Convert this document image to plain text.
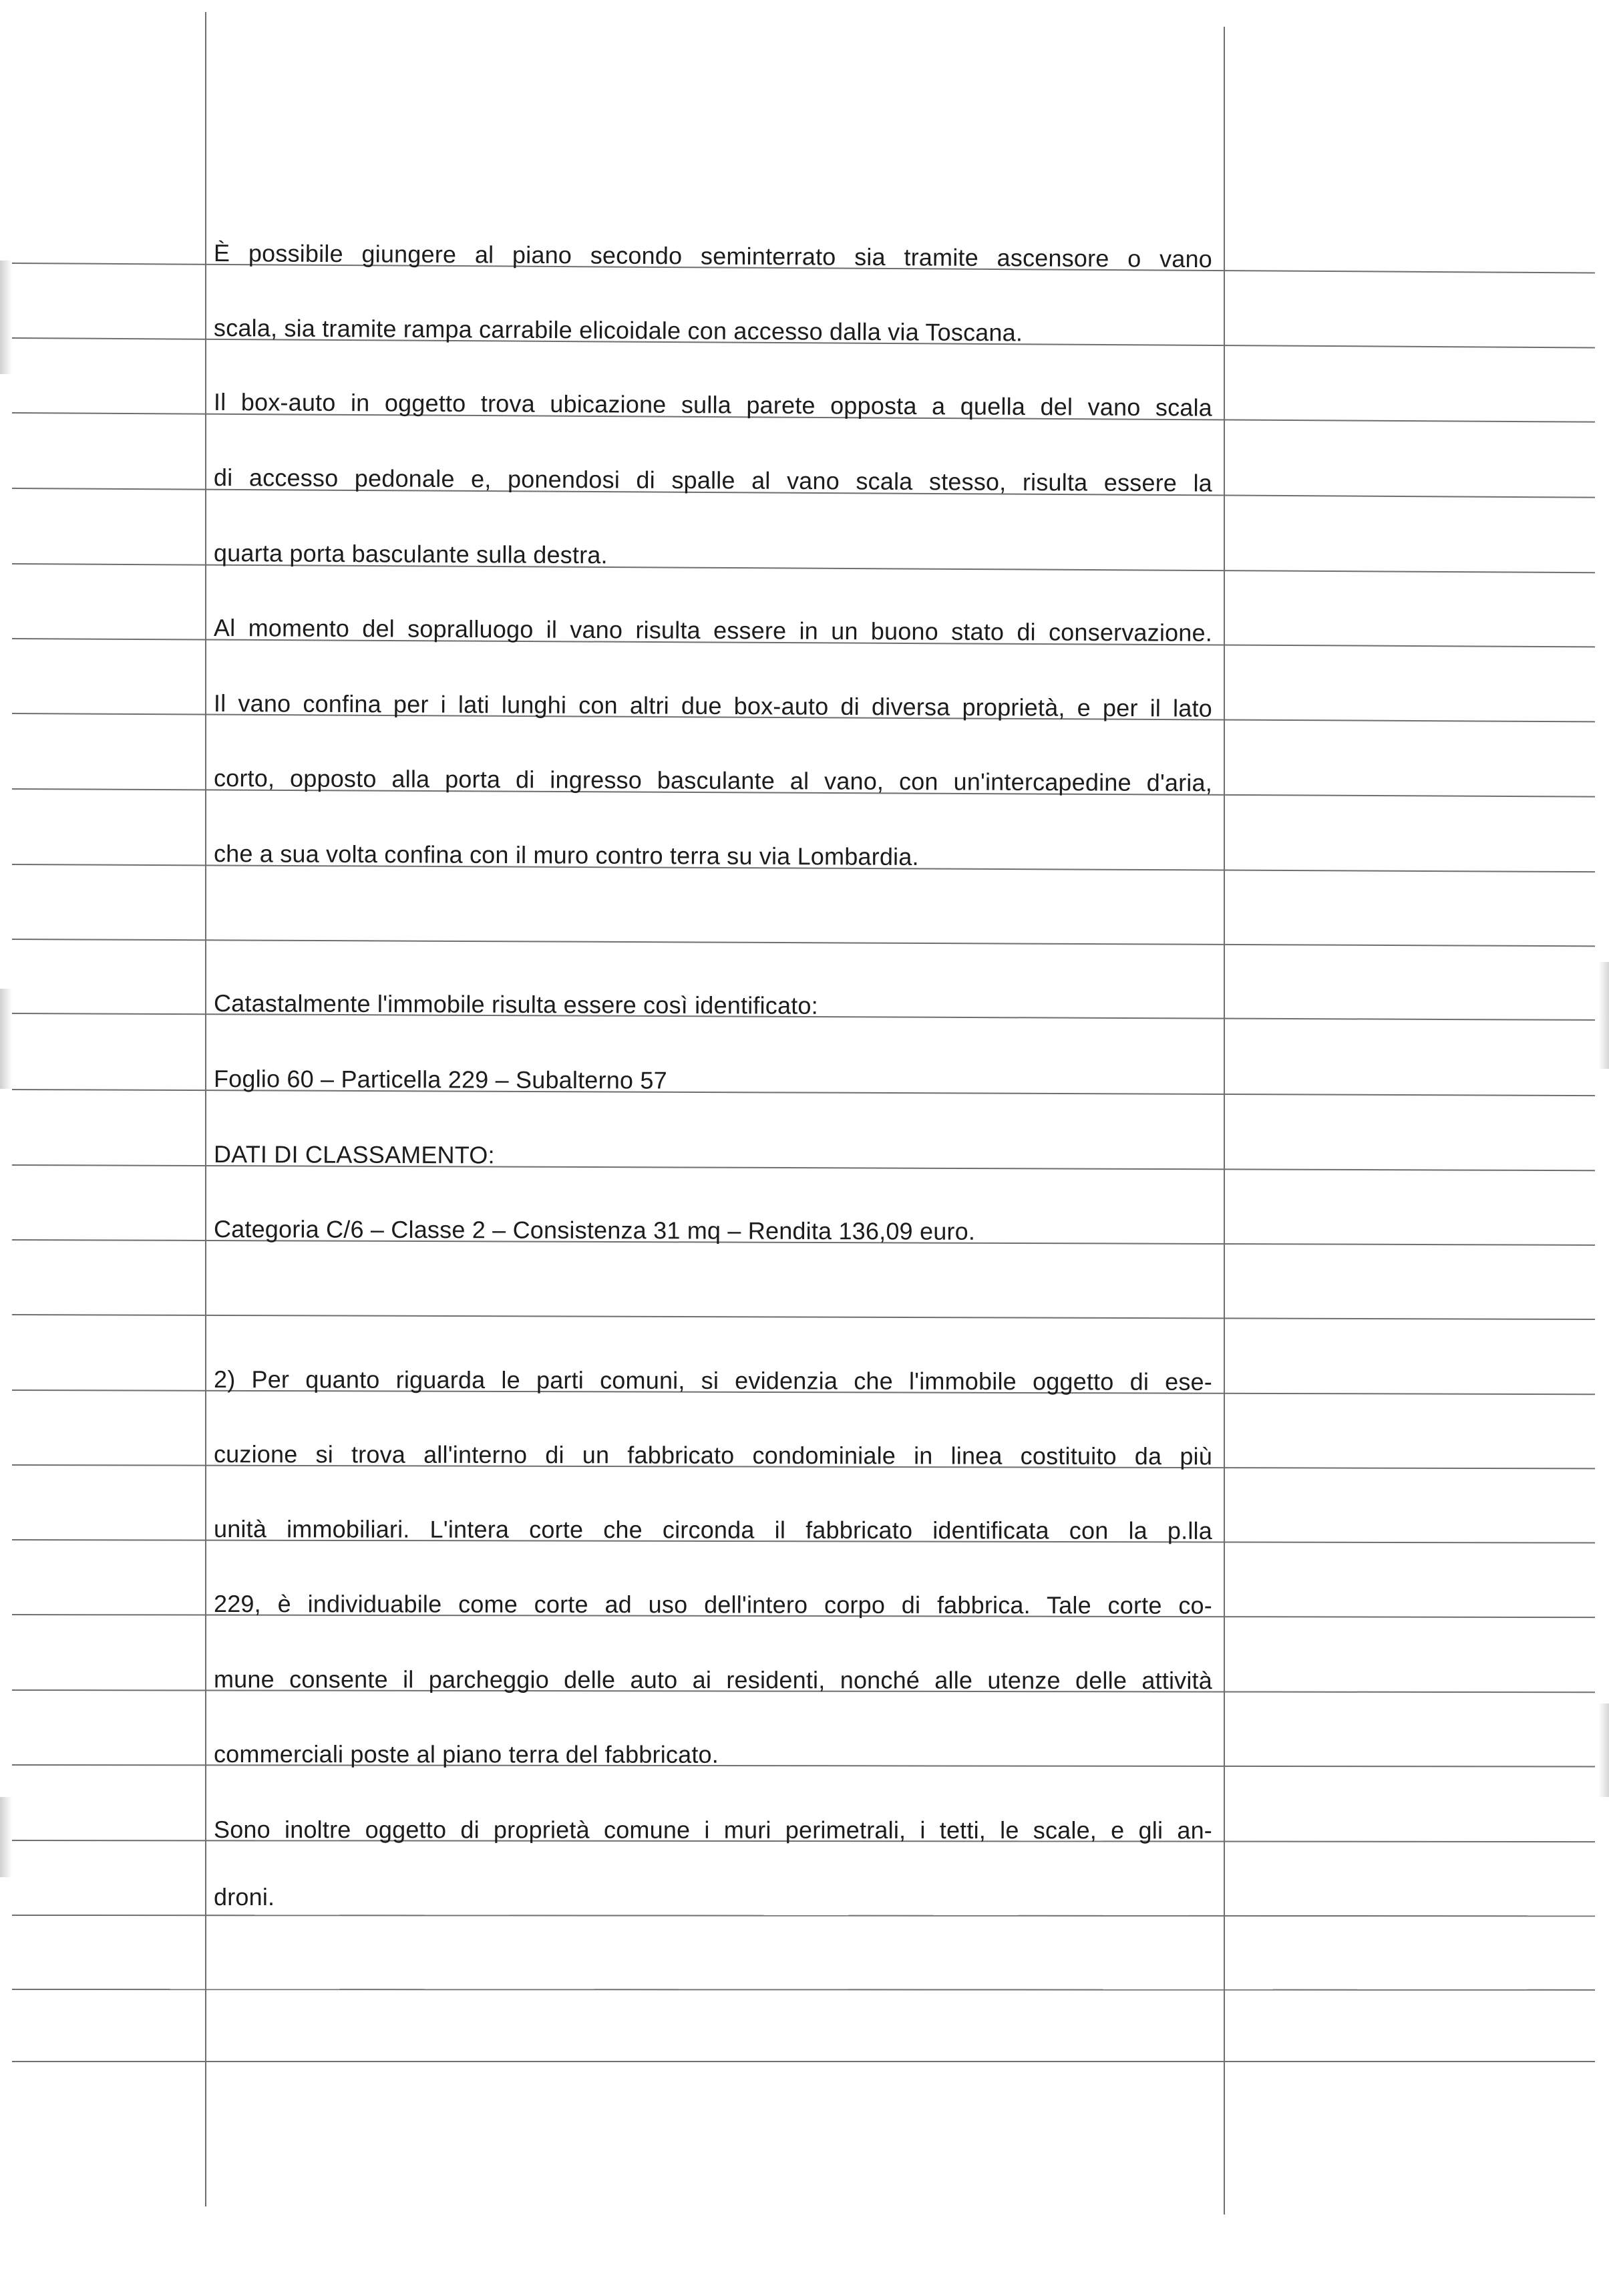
È possibile giungere al piano secondo seminterrato sia tramite ascensore o vano
scala, sia tramite rampa carrabile elicoidale con accesso dalla via Toscana.
Il box-auto in oggetto trova ubicazione sulla parete opposta a quella del vano scala
di accesso pedonale e, ponendosi di spalle al vano scala stesso, risulta essere la
quarta porta basculante sulla destra.
Al momento del sopralluogo il vano risulta essere in un buono stato di conservazione.
Il vano confina per i lati lunghi con altri due box-auto di diversa proprietà, e per il lato
corto, opposto alla porta di ingresso basculante al vano, con un'intercapedine d'aria,
che a sua volta confina con il muro contro terra su via Lombardia.
Catastalmente l'immobile risulta essere così identificato:
Foglio 60 – Particella 229 – Subalterno 57
DATI DI CLASSAMENTO:
Categoria C/6 – Classe 2 – Consistenza 31 mq – Rendita 136,09 euro.
2) Per quanto riguarda le parti comuni, si evidenzia che l'immobile oggetto di ese-
cuzione si trova all'interno di un fabbricato condominiale in linea costituito da più
unità immobiliari. L'intera corte che circonda il fabbricato identificata con la p.lla
229, è individuabile come corte ad uso dell'intero corpo di fabbrica. Tale corte co-
mune consente il parcheggio delle auto ai residenti, nonché alle utenze delle attività
commerciali poste al piano terra del fabbricato.
Sono inoltre oggetto di proprietà comune i muri perimetrali, i tetti, le scale, e gli an-
droni.
